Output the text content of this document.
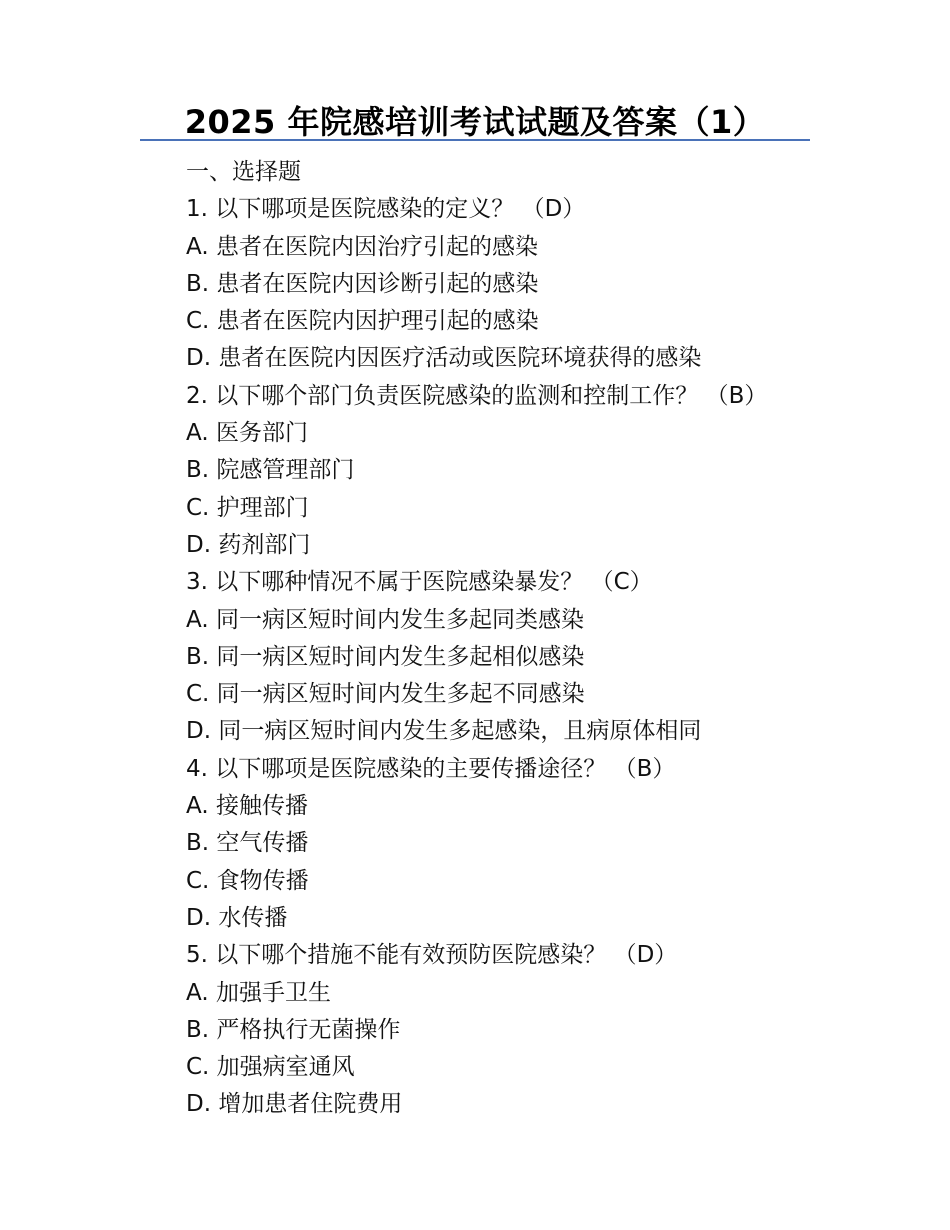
2025 年院感培训考试试题及答案（1）
一、选择题
1. 以下哪项是医院感染的定义？ （D）
A. 患者在医院内因治疗引起的感染
B. 患者在医院内因诊断引起的感染
C. 患者在医院内因护理引起的感染
D. 患者在医院内因医疗活动或医院环境获得的感染
2. 以下哪个部门负责医院感染的监测和控制工作？ （B）
A. 医务部门
B. 院感管理部门
C. 护理部门
D. 药剂部门
3. 以下哪种情况不属于医院感染暴发？ （C）
A. 同一病区短时间内发生多起同类感染
B. 同一病区短时间内发生多起相似感染
C. 同一病区短时间内发生多起不同感染
D. 同一病区短时间内发生多起感染，且病原体相同
4. 以下哪项是医院感染的主要传播途径？ （B）
A. 接触传播
B. 空气传播
C. 食物传播
D. 水传播
5. 以下哪个措施不能有效预防医院感染？ （D）
A. 加强手卫生
B. 严格执行无菌操作
C. 加强病室通风
D. 增加患者住院费用
